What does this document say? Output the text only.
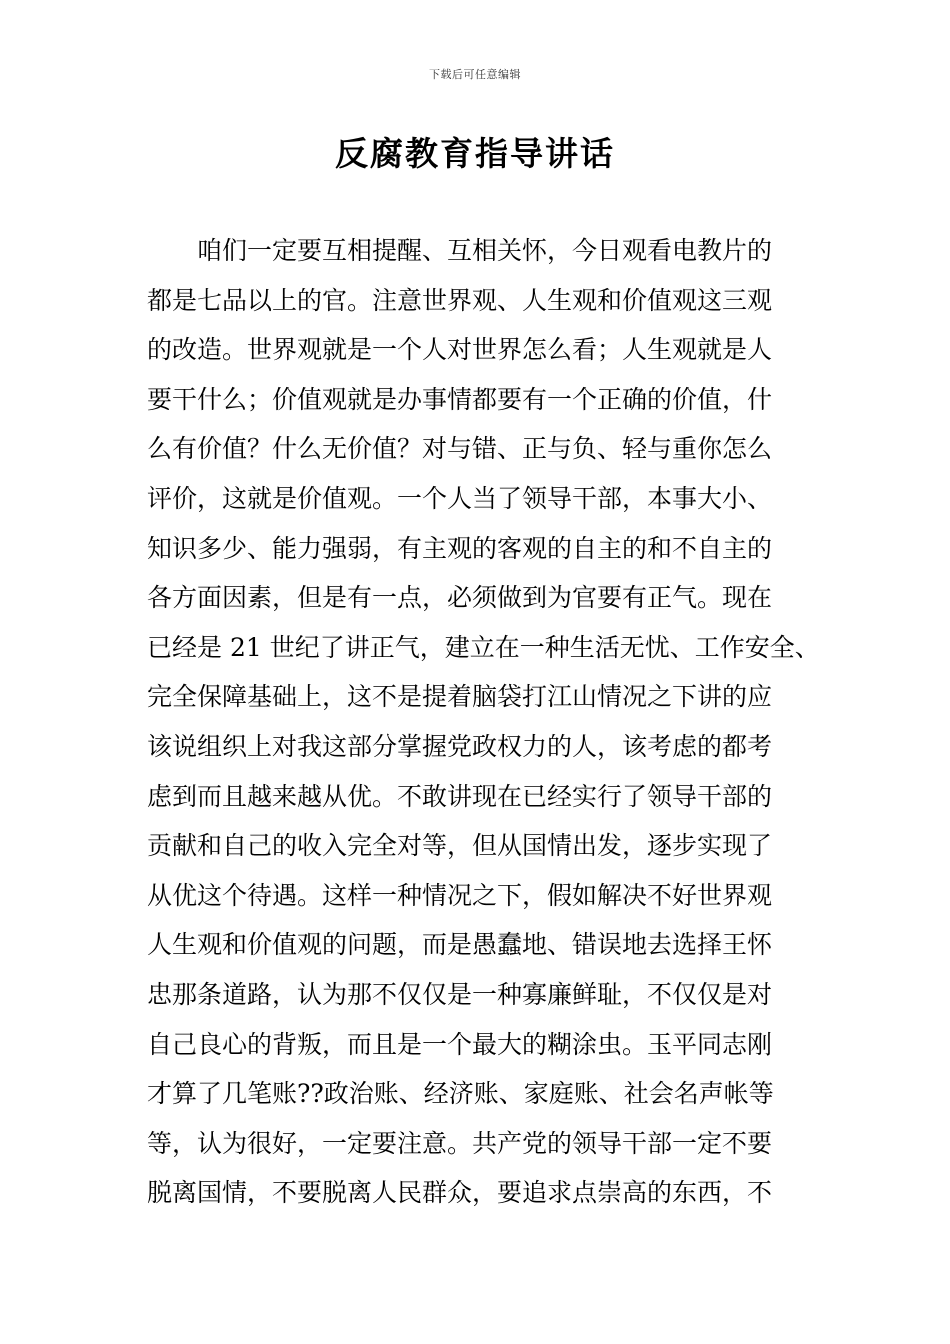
下载后可任意编辑
反腐教育指导讲话
咱们一定要互相提醒、互相关怀，今日观看电教片的
都是七品以上的官。注意世界观、人生观和价值观这三观
的改造。世界观就是一个人对世界怎么看；人生观就是人
要干什么；价值观就是办事情都要有一个正确的价值，什
么有价值？什么无价值？对与错、正与负、轻与重你怎么
评价，这就是价值观。一个人当了领导干部，本事大小、
知识多少、能力强弱，有主观的客观的自主的和不自主的
各方面因素，但是有一点，必须做到为官要有正气。现在
已经是 21 世纪了讲正气，建立在一种生活无忧、工作安全、
完全保障基础上，这不是提着脑袋打江山情况之下讲的应
该说组织上对我这部分掌握党政权力的人，该考虑的都考
虑到而且越来越从优。不敢讲现在已经实行了领导干部的
贡献和自己的收入完全对等，但从国情出发，逐步实现了
从优这个待遇。这样一种情况之下，假如解决不好世界观
人生观和价值观的问题，而是愚蠢地、错误地去选择王怀
忠那条道路，认为那不仅仅是一种寡廉鲜耻，不仅仅是对
自己良心的背叛，而且是一个最大的糊涂虫。玉平同志刚
才算了几笔账??政治账、经济账、家庭账、社会名声帐等
等，认为很好，一定要注意。共产党的领导干部一定不要
脱离国情，不要脱离人民群众，要追求点崇高的东西，不
